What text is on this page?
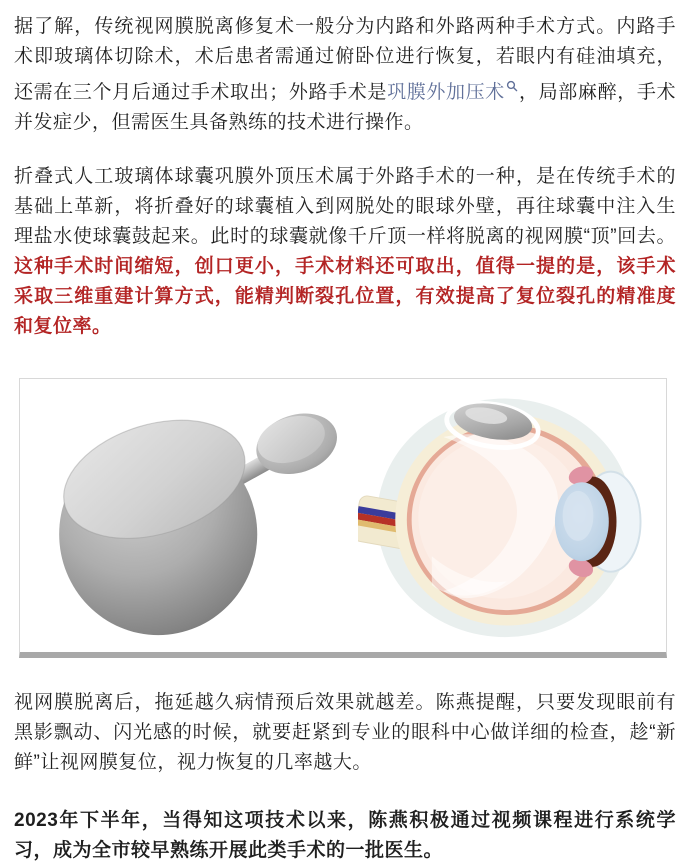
据了解，传统视网膜脱离修复术一般分为内路和外路两种手术方式。内路手术即玻璃体切除术，术后患者需通过俯卧位进行恢复，若眼内有硅油填充，还需在三个月后通过手术取出；外路手术是巩膜外加压术 ，局部麻醉，手术并发症少，但需医生具备熟练的技术进行操作。

折叠式人工玻璃体球囊巩膜外顶压术属于外路手术的一种，是在传统手术的基础上革新，将折叠好的球囊植入到网脱处的眼球外壁，再往球囊中注入生理盐水使球囊鼓起来。此时的球囊就像千斤顶一样将脱离的视网膜“顶”回去。这种手术时间缩短，创口更小，手术材料还可取出，值得一提的是，该手术采取三维重建计算方式，能精判断裂孔位置，有效提高了复位裂孔的精准度和复位率。

视网膜脱离后，拖延越久病情预后效果就越差。陈燕提醒，只要发现眼前有黑影飘动、闪光感的时候，就要赶紧到专业的眼科中心做详细的检查，趁“新鲜”让视网膜复位，视力恢复的几率越大。

2023年下半年，当得知这项技术以来，陈燕积极通过视频课程进行系统学习，成为全市较早熟练开展此类手术的一批医生。
